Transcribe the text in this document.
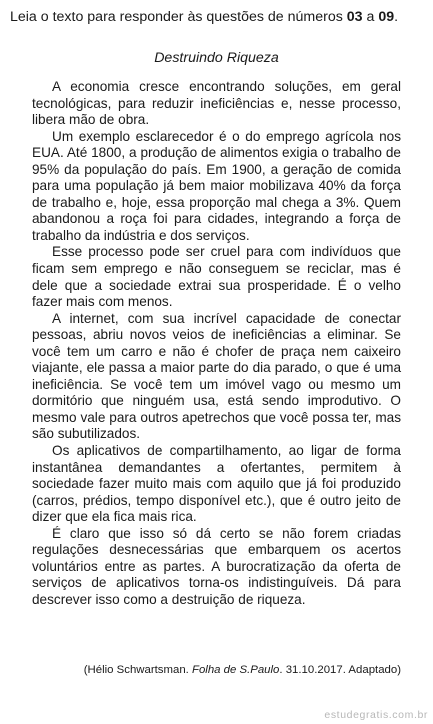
Leia o texto para responder às questões de números 03 a 09.
Destruindo Riqueza

A economia cresce encontrando soluções, em geral tecnológicas, para reduzir ineficiências e, nesse processo, libera mão de obra.

Um exemplo esclarecedor é o do emprego agrícola nos EUA. Até 1800, a produção de alimentos exigia o trabalho de 95% da população do país. Em 1900, a geração de comida para uma população já bem maior mobilizava 40% da força de trabalho e, hoje, essa proporção mal chega a 3%. Quem abandonou a roça foi para cidades, integrando a força de trabalho da indústria e dos serviços.

Esse processo pode ser cruel para com indivíduos que ficam sem emprego e não conseguem se reciclar, mas é dele que a sociedade extrai sua prosperidade. É o velho fazer mais com menos.

A internet, com sua incrível capacidade de conectar pessoas, abriu novos veios de ineficiências a eliminar. Se você tem um carro e não é chofer de praça nem caixeiro viajante, ele passa a maior parte do dia parado, o que é uma ineficiência. Se você tem um imóvel vago ou mesmo um dormitório que ninguém usa, está sendo improdutivo. O mesmo vale para outros apetrechos que você possa ter, mas são subutilizados.

Os aplicativos de compartilhamento, ao ligar de forma instantânea demandantes a ofertantes, permitem à sociedade fazer muito mais com aquilo que já foi produzido (carros, prédios, tempo disponível etc.), que é outro jeito de dizer que ela fica mais rica.

É claro que isso só dá certo se não forem criadas regulações desnecessárias que embarquem os acertos voluntários entre as partes. A burocratização da oferta de serviços de aplicativos torna-os indistinguíveis. Dá para descrever isso como a destruição de riqueza.

(Hélio Schwartsman. Folha de S.Paulo. 31.10.2017. Adaptado)
estudegratis.com.br
